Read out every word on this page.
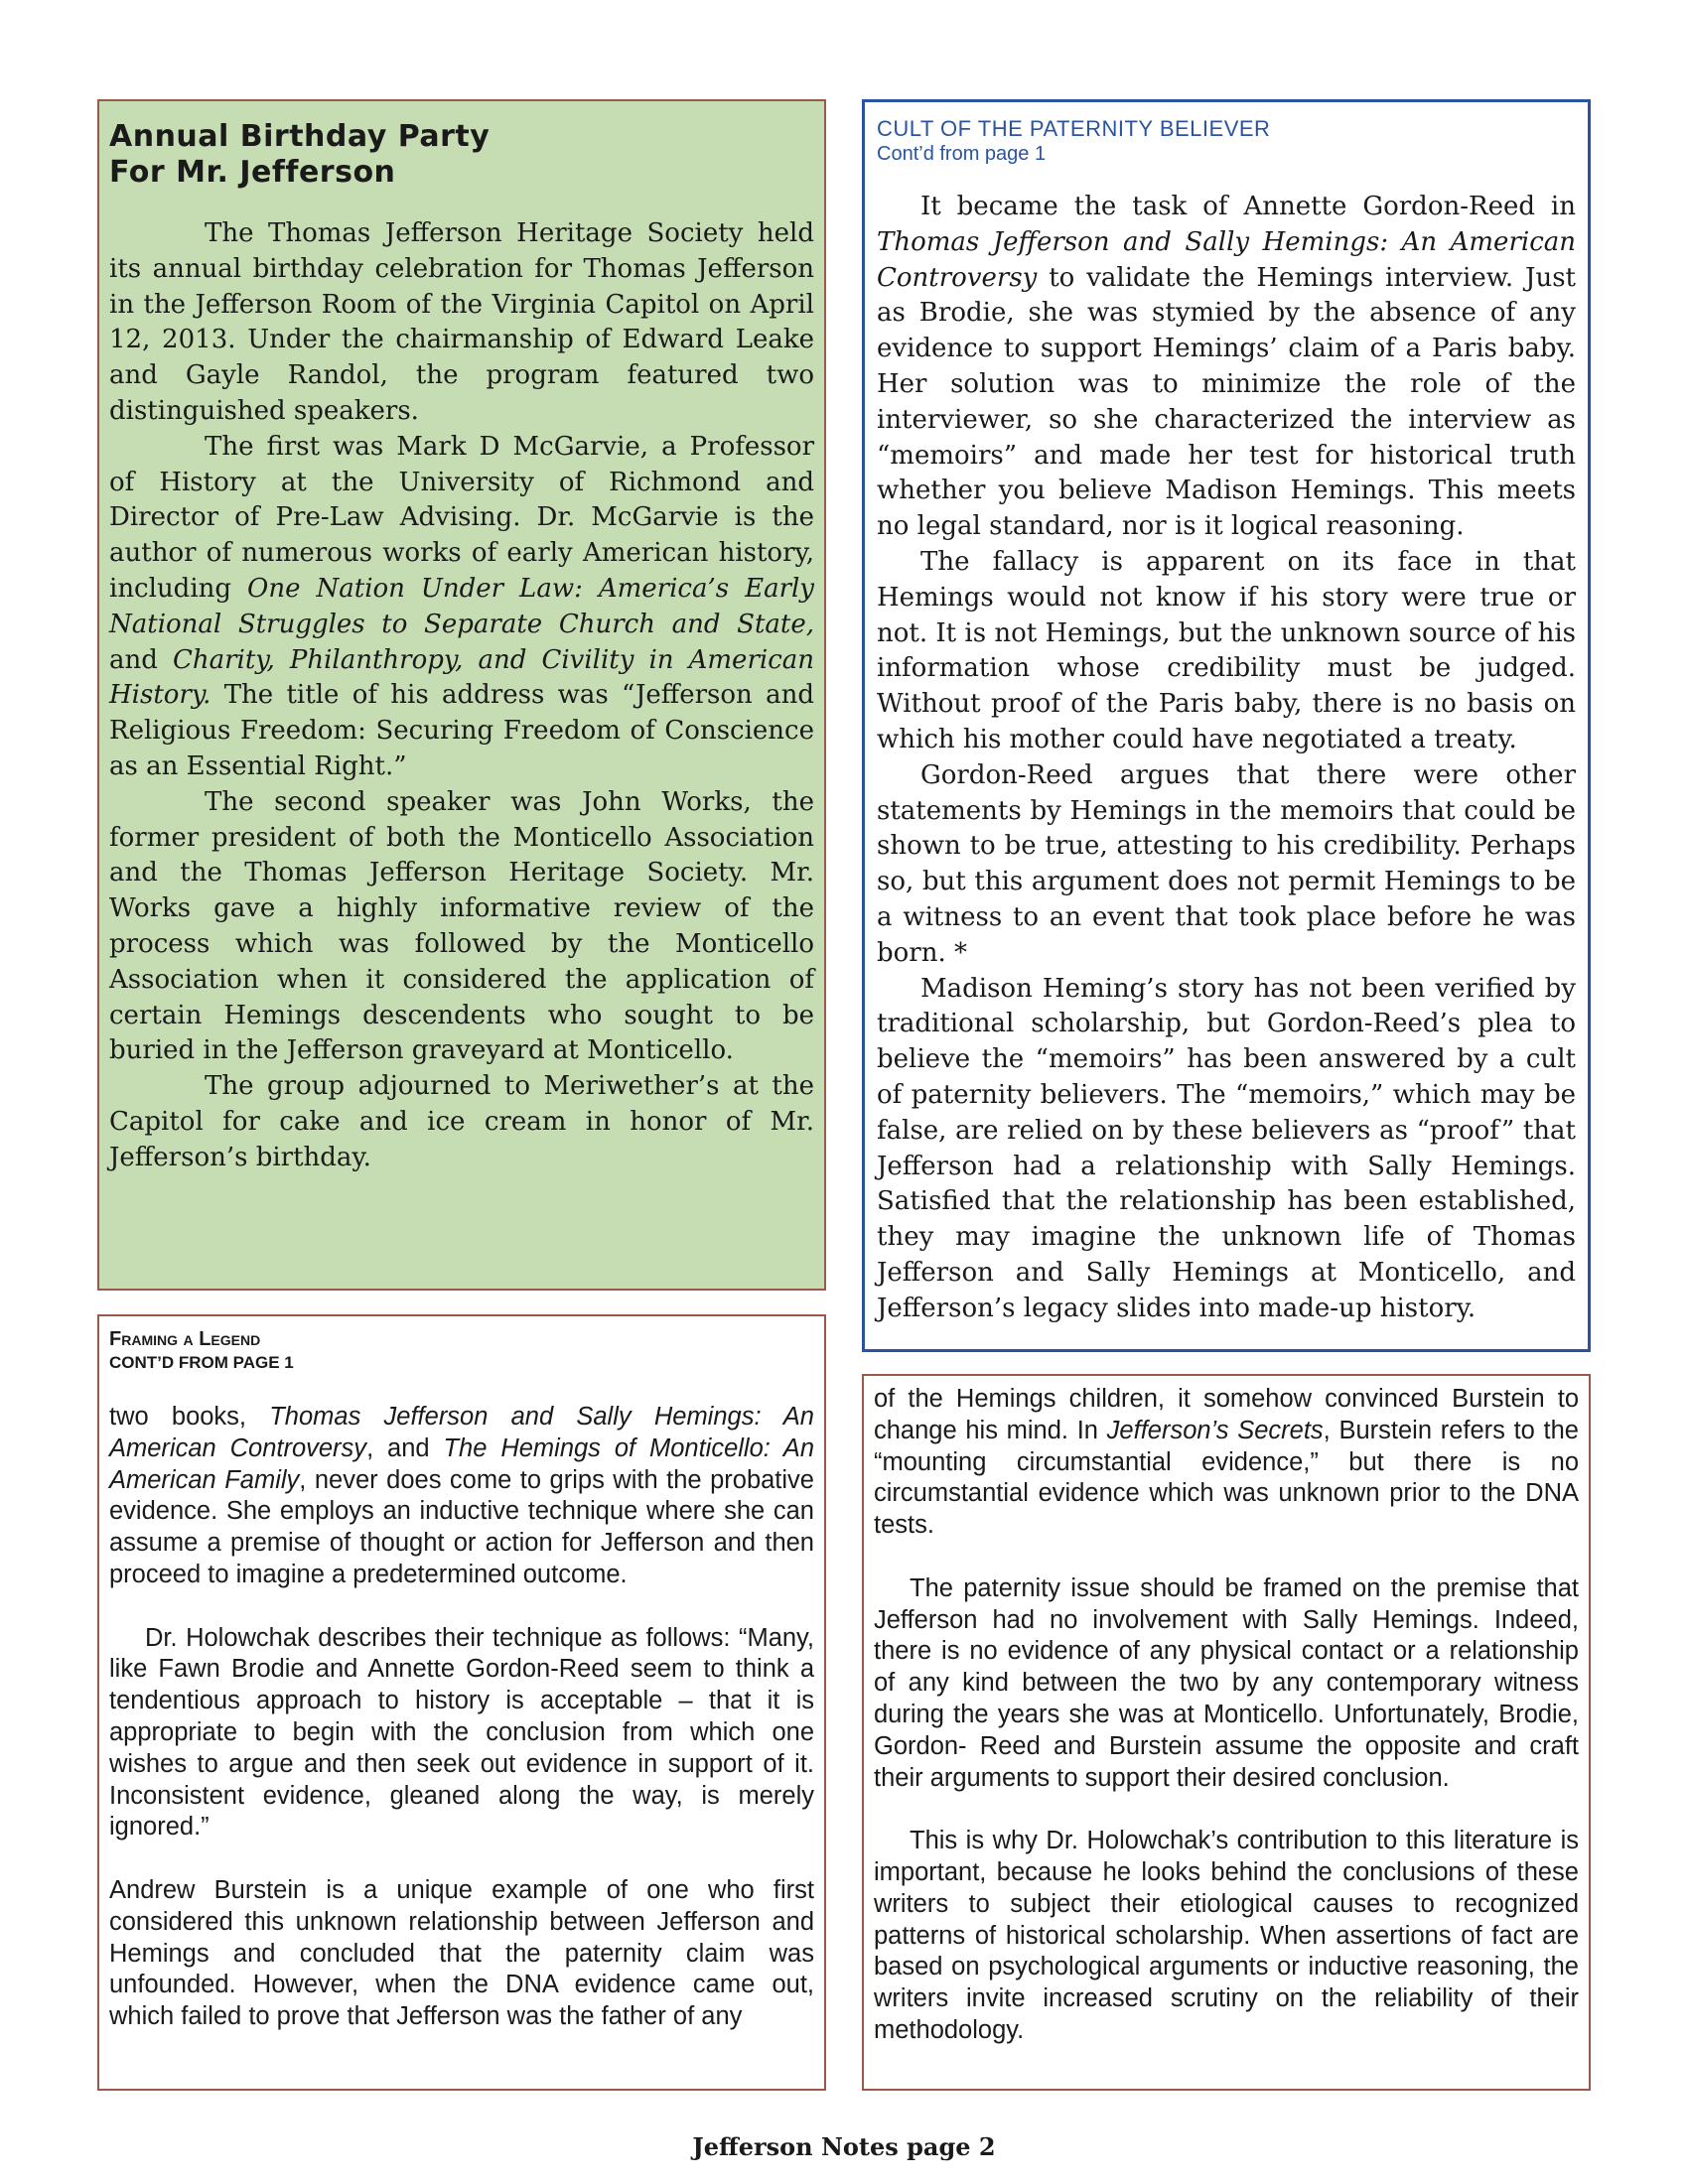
Annual Birthday Party
For Mr. Jefferson

The Thomas Jefferson Heritage Society held its annual birthday celebration for Thomas Jefferson in the Jefferson Room of the Virginia Capitol on April 12, 2013. Under the chairmanship of Edward Leake and Gayle Randol, the program featured two distinguished speakers.

The first was Mark D McGarvie, a Professor of History at the University of Richmond and Director of Pre-Law Advising. Dr. McGarvie is the author of numerous works of early American history, including One Nation Under Law: America’s Early National Struggles to Separate Church and State, and Charity, Philanthropy, and Civility in American History. The title of his address was “Jefferson and Religious Freedom: Securing Freedom of Conscience as an Essential Right.”

The second speaker was John Works, the former president of both the Monticello Association and the Thomas Jefferson Heritage Society. Mr. Works gave a highly informative review of the process which was followed by the Monticello Association when it considered the application of certain Hemings descendents who sought to be buried in the Jefferson graveyard at Monticello.

The group adjourned to Meriwether’s at the Capitol for cake and ice cream in honor of Mr. Jefferson’s birthday.

CULT OF THE PATERNITY BELIEVER
Cont’d from page 1

It became the task of Annette Gordon-Reed in Thomas Jefferson and Sally Hemings: An American Controversy to validate the Hemings interview. Just as Brodie, she was stymied by the absence of any evidence to support Hemings’ claim of a Paris baby. Her solution was to minimize the role of the interviewer, so she characterized the interview as “memoirs” and made her test for historical truth whether you believe Madison Hemings. This meets no legal standard, nor is it logical reasoning.

The fallacy is apparent on its face in that Hemings would not know if his story were true or not. It is not Hemings, but the unknown source of his information whose credibility must be judged. Without proof of the Paris baby, there is no basis on which his mother could have negotiated a treaty.

Gordon-Reed argues that there were other statements by Hemings in the memoirs that could be shown to be true, attesting to his credibility. Perhaps so, but this argument does not permit Hemings to be a witness to an event that took place before he was born. *

Madison Heming’s story has not been verified by traditional scholarship, but Gordon-Reed’s plea to believe the “memoirs” has been answered by a cult of paternity believers. The “memoirs,” which may be false, are relied on by these believers as “proof” that Jefferson had a relationship with Sally Hemings. Satisfied that the relationship has been established, they may imagine the unknown life of Thomas Jefferson and Sally Hemings at Monticello, and Jefferson’s legacy slides into made-up history.

Framing a Legend
CONT’D FROM PAGE 1

two books, Thomas Jefferson and Sally Hemings: An American Controversy, and The Hemings of Monticello: An American Family, never does come to grips with the probative evidence. She employs an inductive technique where she can assume a premise of thought or action for Jefferson and then proceed to imagine a predetermined outcome.

Dr. Holowchak describes their technique as follows: “Many, like Fawn Brodie and Annette Gordon-Reed seem to think a tendentious approach to history is acceptable – that it is appropriate to begin with the conclusion from which one wishes to argue and then seek out evidence in support of it. Inconsistent evidence, gleaned along the way, is merely ignored.”

Andrew Burstein is a unique example of one who first considered this unknown relationship between Jefferson and Hemings and concluded that the paternity claim was unfounded. However, when the DNA evidence came out, which failed to prove that Jefferson was the father of any

of the Hemings children, it somehow convinced Burstein to change his mind. In Jefferson’s Secrets, Burstein refers to the “mounting circumstantial evidence,” but there is no circumstantial evidence which was unknown prior to the DNA tests.

The paternity issue should be framed on the premise that Jefferson had no involvement with Sally Hemings. Indeed, there is no evidence of any physical contact or a relationship of any kind between the two by any contemporary witness during the years she was at Monticello. Unfortunately, Brodie, Gordon- Reed and Burstein assume the opposite and craft their arguments to support their desired conclusion.

This is why Dr. Holowchak’s contribution to this literature is important, because he looks behind the conclusions of these writers to subject their etiological causes to recognized patterns of historical scholarship. When assertions of fact are based on psychological arguments or inductive reasoning, the writers invite increased scrutiny on the reliability of their methodology.

Jefferson Notes page 2
